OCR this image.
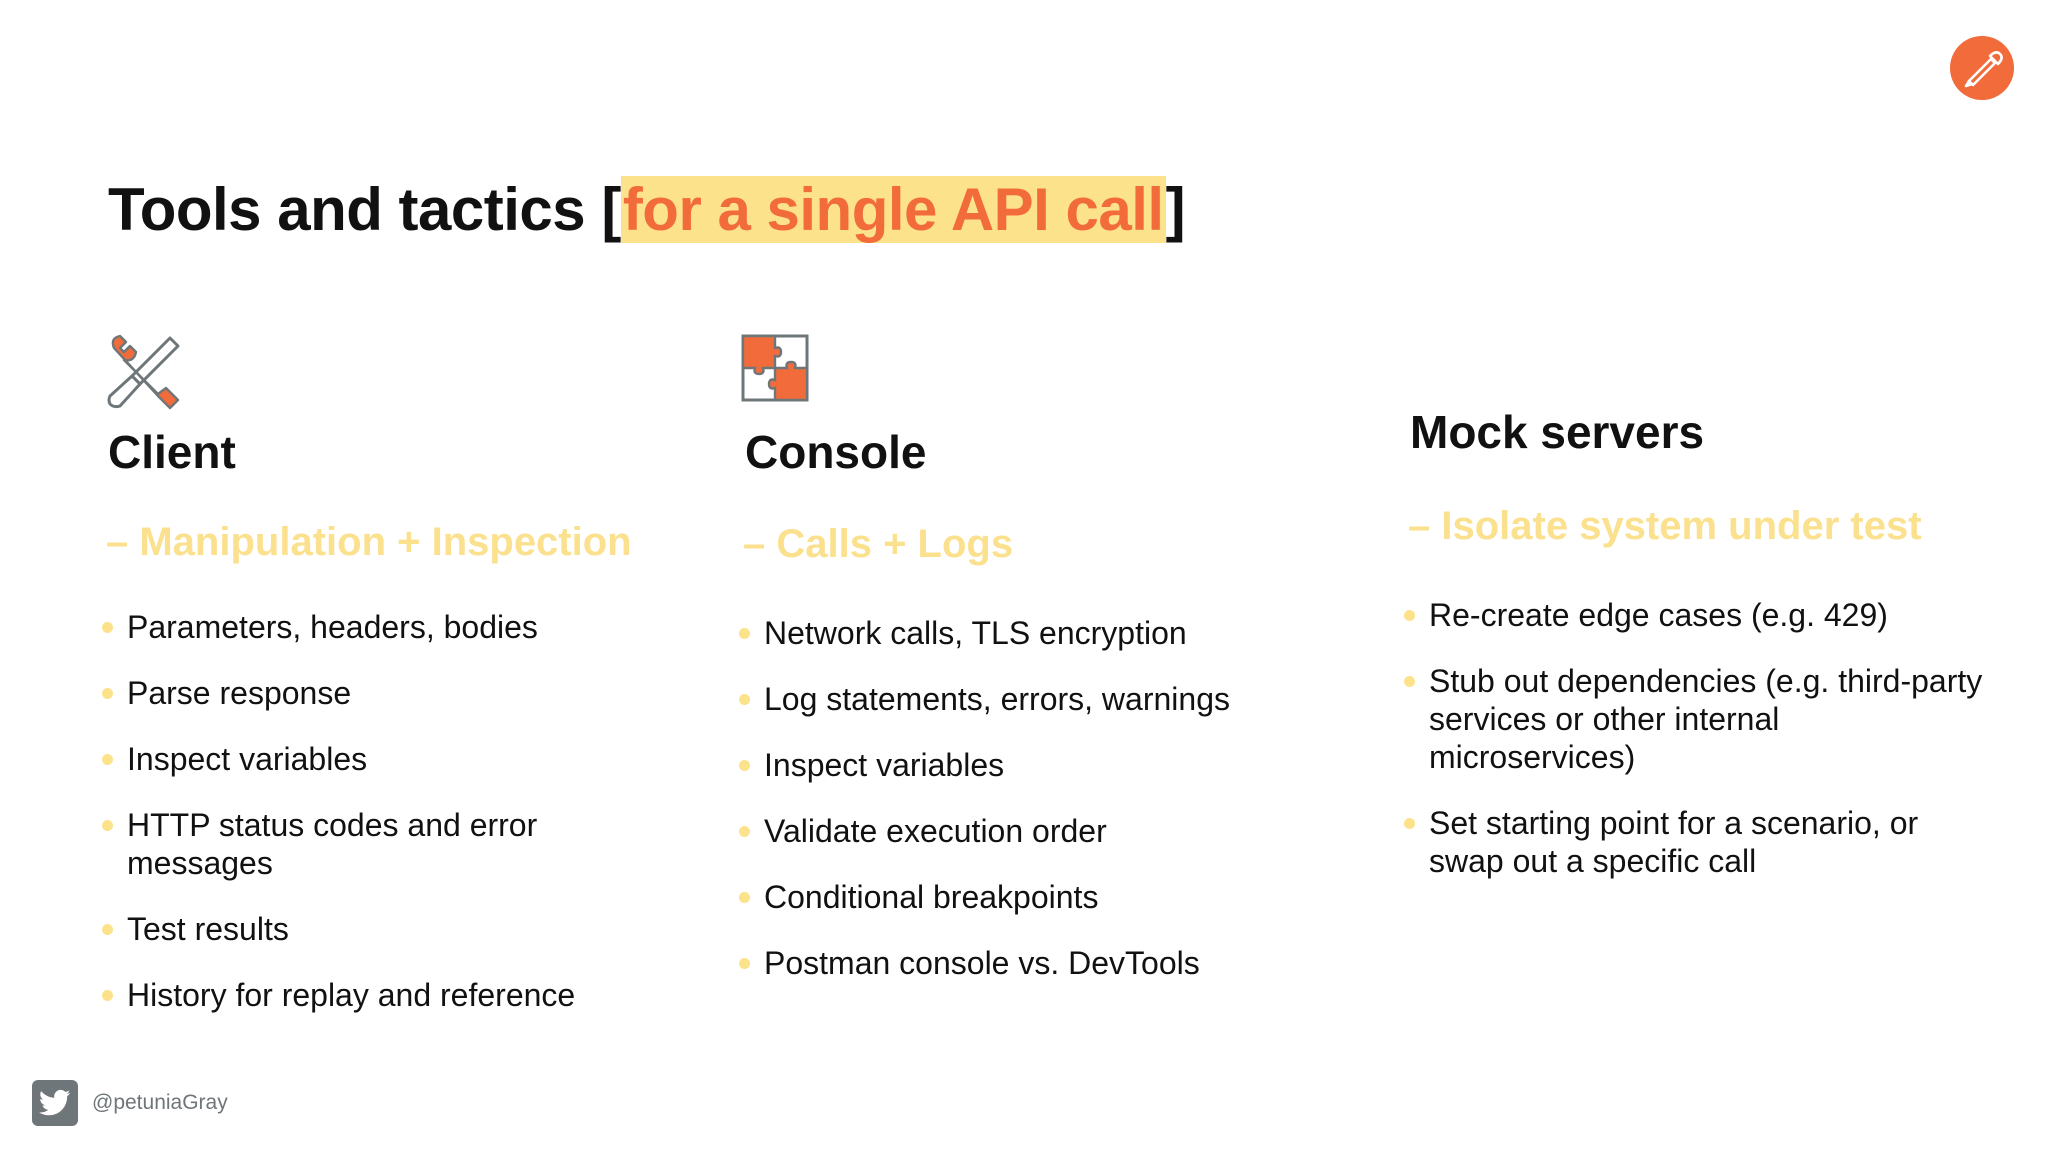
Tools and tactics [for a single API call]
Client
– Manipulation + Inspection
Parameters, headers, bodies
Parse response
Inspect variables
HTTP status codes and error messages
Test results
History for replay and reference
Console
– Calls + Logs
Network calls, TLS encryption
Log statements, errors, warnings
Inspect variables
Validate execution order
Conditional breakpoints
Postman console vs. DevTools
Mock servers
– Isolate system under test
Re-create edge cases (e.g. 429)
Stub out dependencies (e.g. third-party services or other internal microservices)
Set starting point for a scenario, or swap out a specific call
@petuniaGray
